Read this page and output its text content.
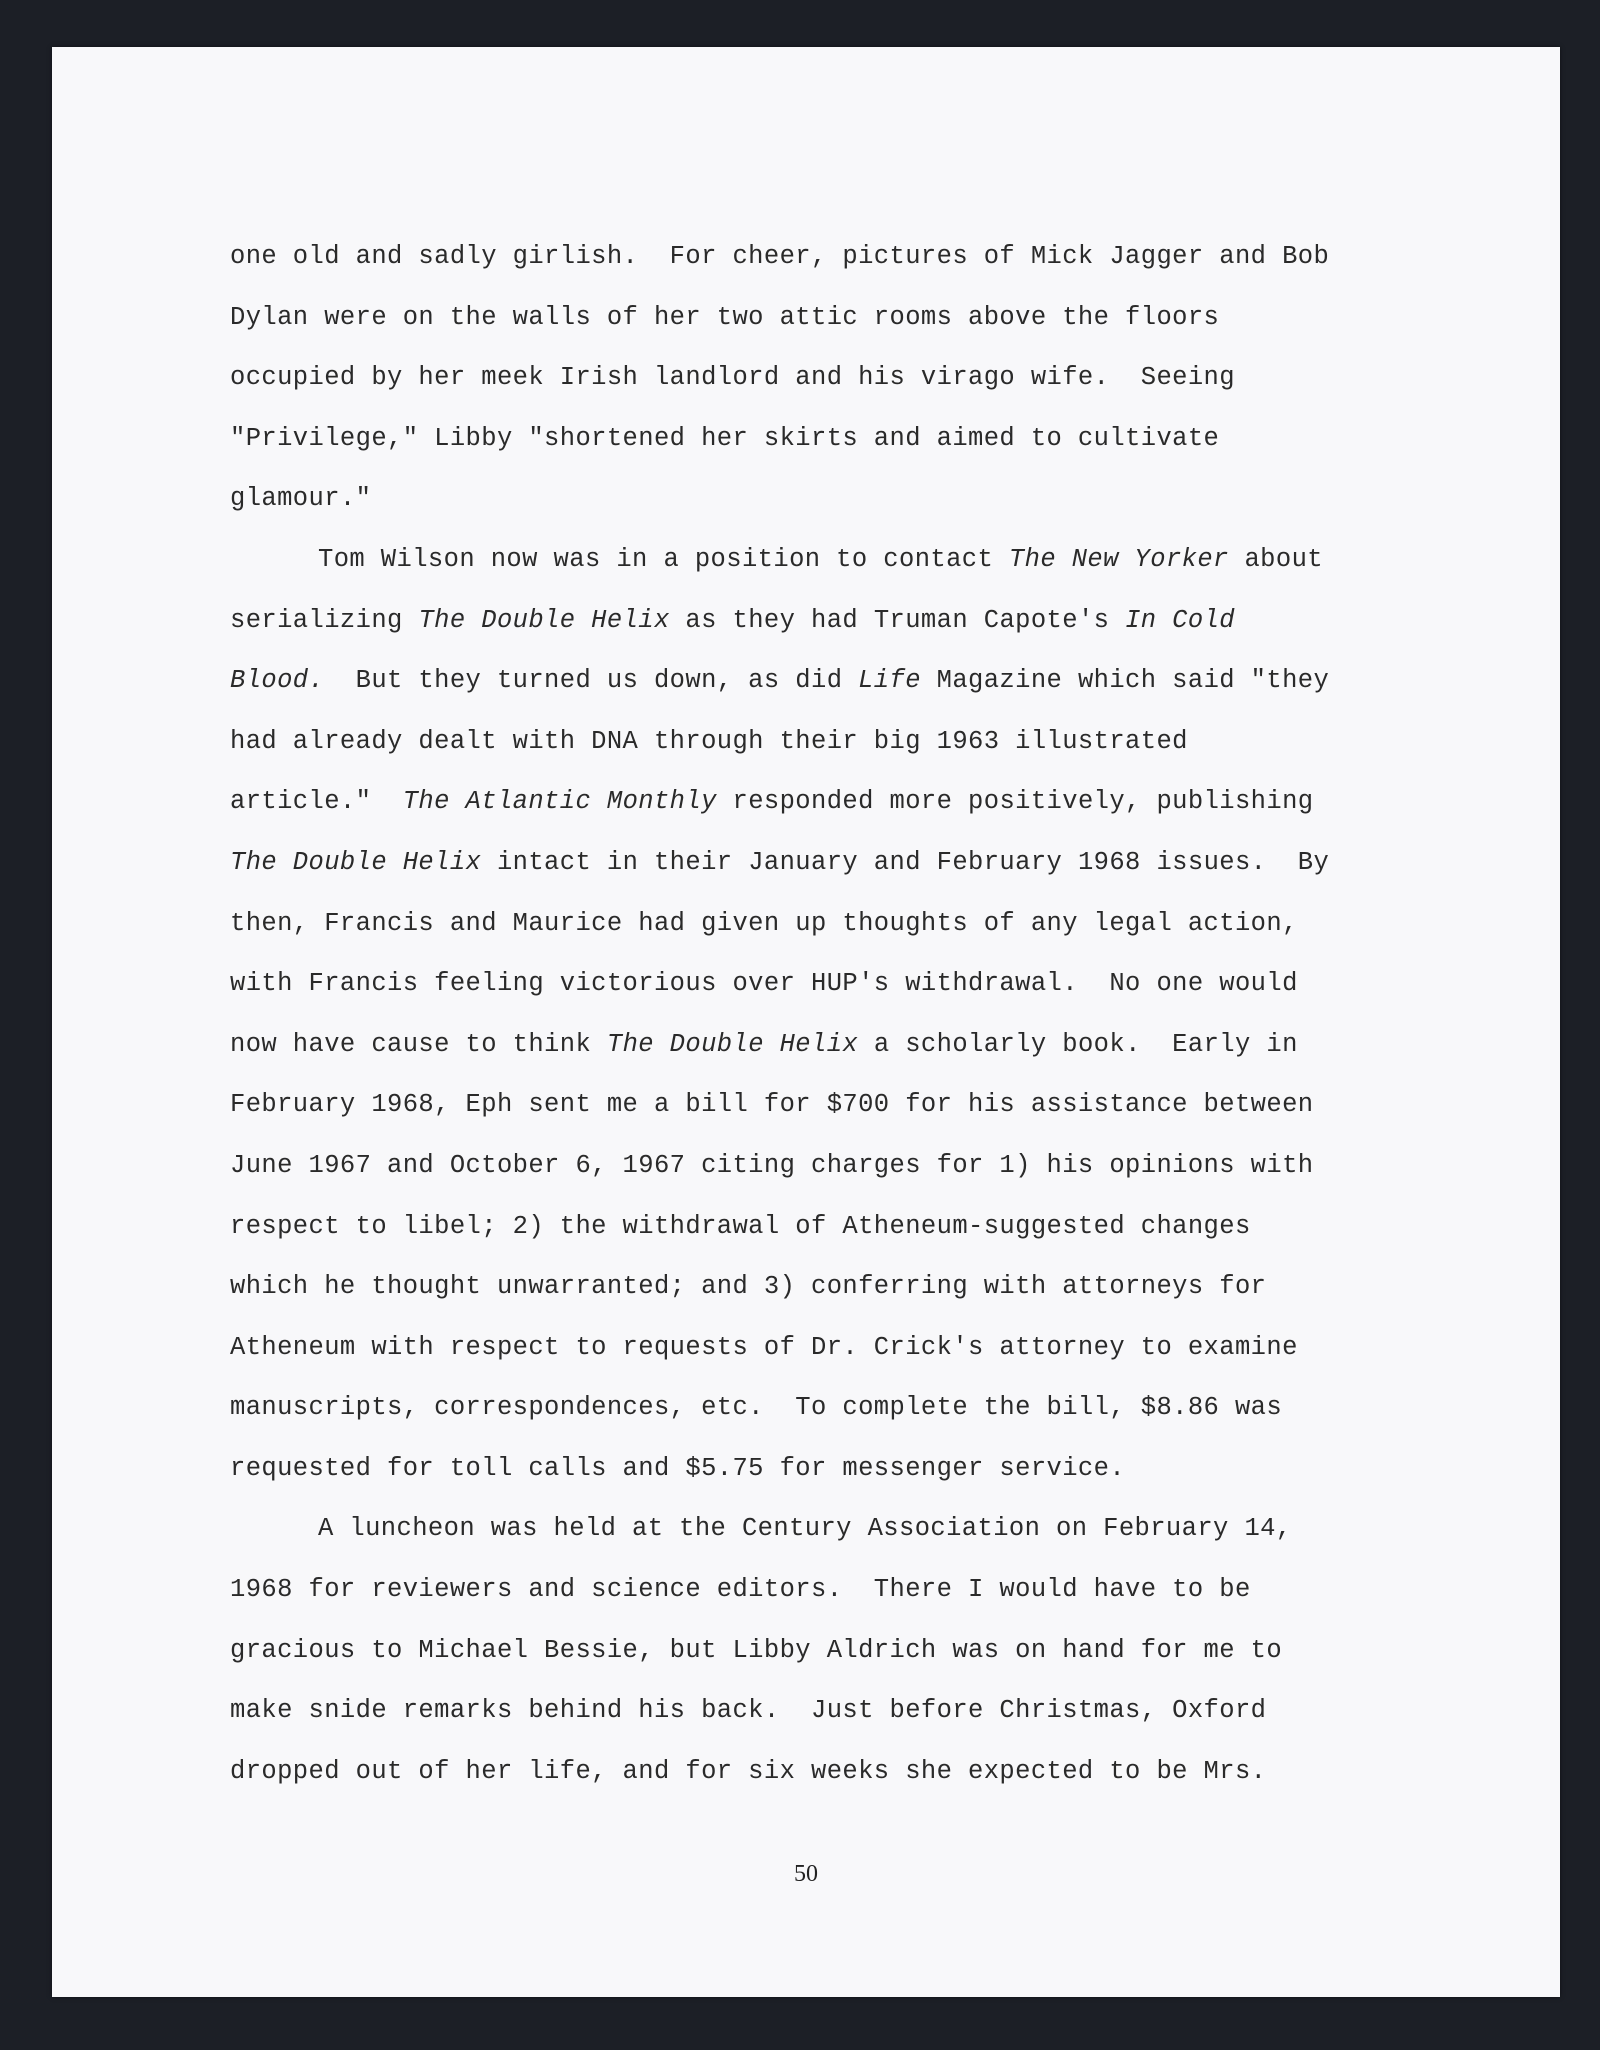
one old and sadly girlish.  For cheer, pictures of Mick Jagger and Bob
Dylan were on the walls of her two attic rooms above the floors
occupied by her meek Irish landlord and his virago wife.  Seeing
"Privilege," Libby "shortened her skirts and aimed to cultivate
glamour."
Tom Wilson now was in a position to contact The New Yorker about
serializing The Double Helix as they had Truman Capote's In Cold
Blood.  But they turned us down, as did Life Magazine which said "they
had already dealt with DNA through their big 1963 illustrated
article."  The Atlantic Monthly responded more positively, publishing
The Double Helix intact in their January and February 1968 issues.  By
then, Francis and Maurice had given up thoughts of any legal action,
with Francis feeling victorious over HUP's withdrawal.  No one would
now have cause to think The Double Helix a scholarly book.  Early in
February 1968, Eph sent me a bill for $700 for his assistance between
June 1967 and October 6, 1967 citing charges for 1) his opinions with
respect to libel; 2) the withdrawal of Atheneum-suggested changes
which he thought unwarranted; and 3) conferring with attorneys for
Atheneum with respect to requests of Dr. Crick's attorney to examine
manuscripts, correspondences, etc.  To complete the bill, $8.86 was
requested for toll calls and $5.75 for messenger service.
A luncheon was held at the Century Association on February 14,
1968 for reviewers and science editors.  There I would have to be
gracious to Michael Bessie, but Libby Aldrich was on hand for me to
make snide remarks behind his back.  Just before Christmas, Oxford
dropped out of her life, and for six weeks she expected to be Mrs.
50
